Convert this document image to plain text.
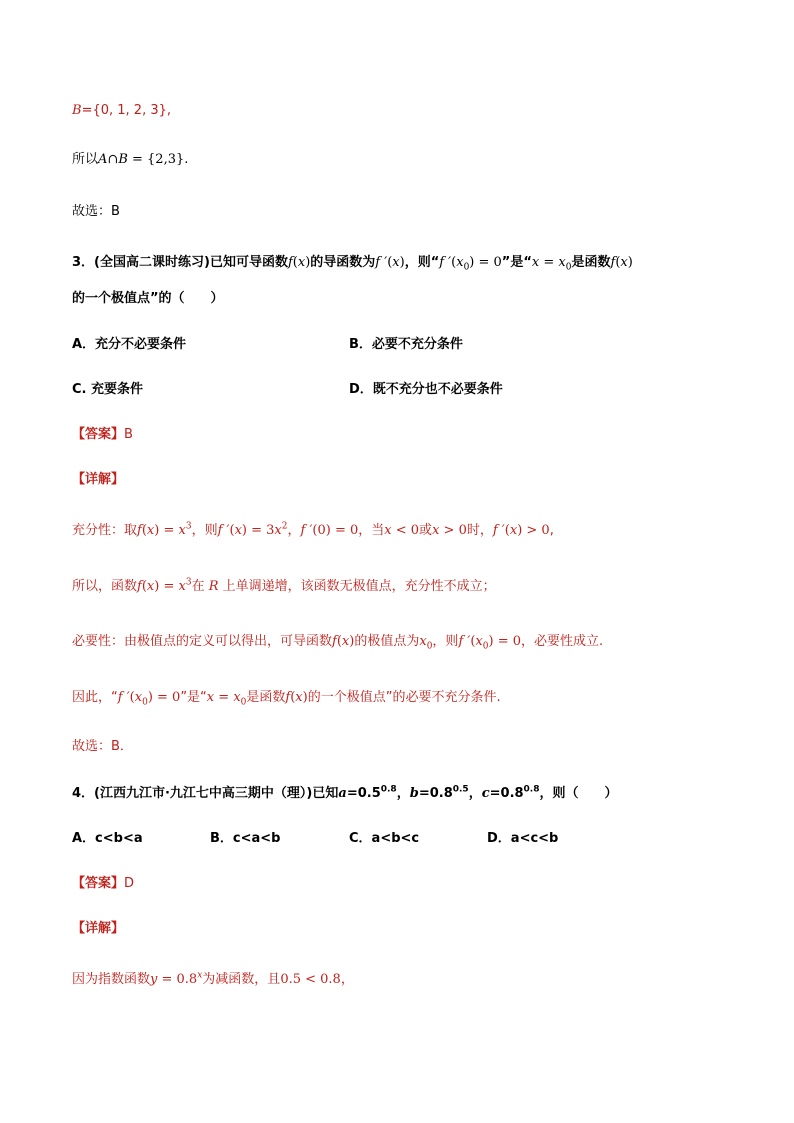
B={0, 1, 2, 3},
所以A∩B = {2,3}.
故选：B
3．(全国高二课时练习)已知可导函数f(x)的导函数为f ′(x)，则“f $'(x_0) = 0$”是“$x = x_0$是函数f(x)
的一个极值点”的（　　）
A．充分不必要条件	B．必要不充分条件
C. 充要条件	D．既不充分也不必要条件
【答案】B
【详解】
充分性：取$f(x) = x^3$，则f $'(x) = 3x^2$，f ′(0) = 0，当x < 0或x > 0时，f ′(x) > 0,
所以，函数$f(x) = x^3$在 R 上单调递增，该函数无极值点，充分性不成立；
必要性：由极值点的定义可以得出，可导函数f(x)的极值点为$x_0$，则f $'(x_0) = 0$，必要性成立.
因此，“f $'(x_0) = 0$”是“$x = x_0$是函数f(x)的一个极值点”的必要不充分条件.
故选：B．
4．(江西九江市·九江七中高三期中（理）)已知$a=0.5^{0.8}$，$b=0.8^{0.5}$，$c=0.8^{0.8}$，则（　　）
A．c<b<a	B．c<a<b	C．a<b<c	D．a<c<b
【答案】D
【详解】
因为指数函数$y = 0.8^x$为减函数，且0.5 < 0.8，
